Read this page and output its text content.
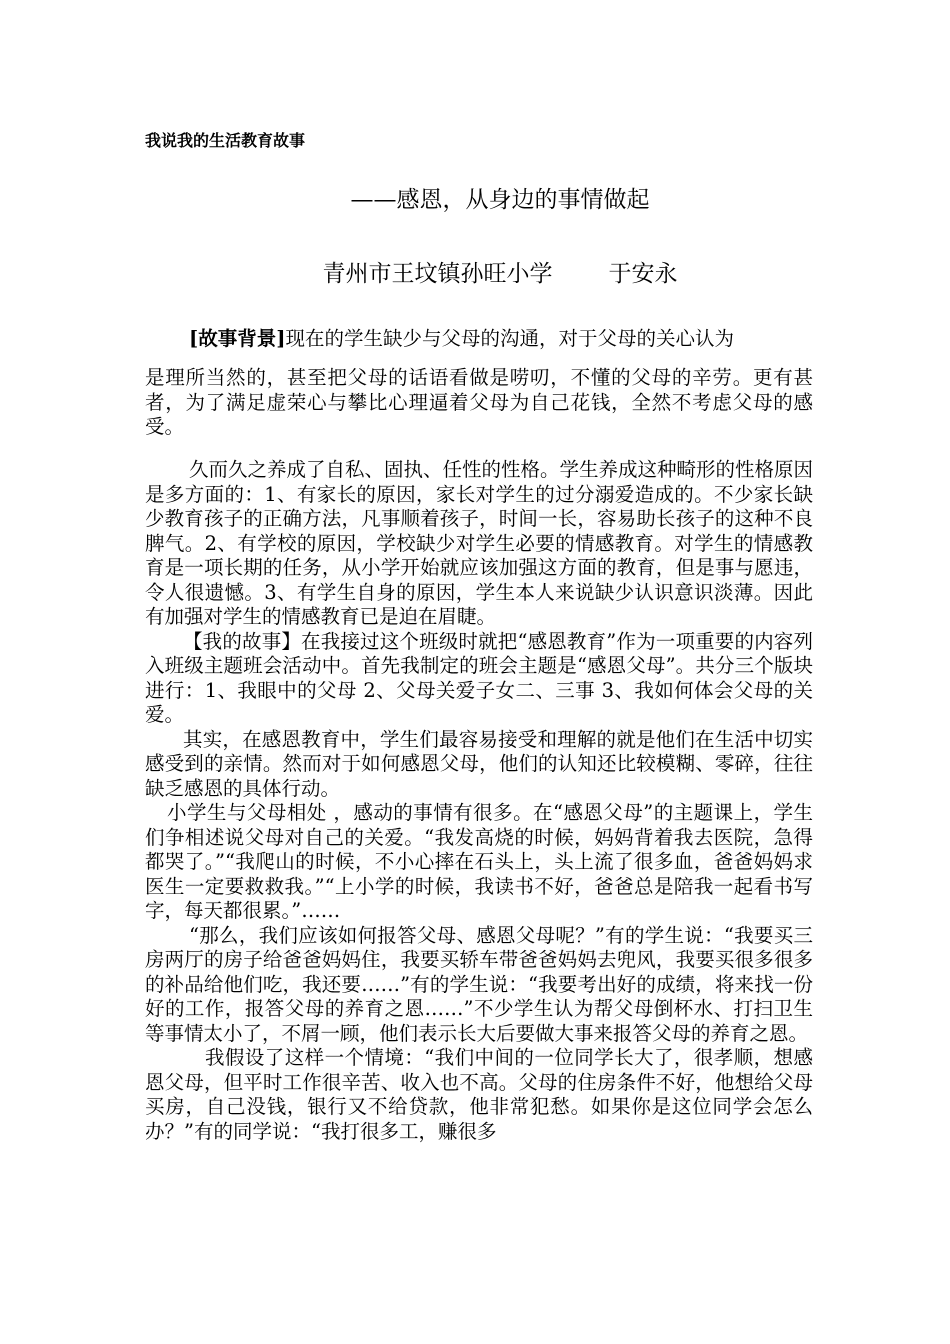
我说我的生活教育故事
——感恩，从身边的事情做起
青州市王坟镇孙旺小学 于安永

[故事背景]现在的学生缺少与父母的沟通，对于父母的关心认为

是理所当然的，甚至把父母的话语看做是唠叨，不懂的父母的辛劳。更有甚者，为了满足虚荣心与攀比心理逼着父母为自己花钱，全然不考虑父母的感受。

久而久之养成了自私、固执、任性的性格。学生养成这种畸形的性格原因是多方面的：1、有家长的原因，家长对学生的过分溺爱造成的。不少家长缺少教育孩子的正确方法，凡事顺着孩子，时间一长，容易助长孩子的这种不良脾气。2、有学校的原因，学校缺少对学生必要的情感教育。对学生的情感教育是一项长期的任务，从小学开始就应该加强这方面的教育，但是事与愿违，令人很遗憾。3、有学生自身的原因，学生本人来说缺少认识意识淡薄。因此有加强对学生的情感教育已是迫在眉睫。

【我的故事】在我接过这个班级时就把“感恩教育”作为一项重要的内容列入班级主题班会活动中。首先我制定的班会主题是“感恩父母”。共分三个版块进行：1、我眼中的父母 2、父母关爱子女二、三事 3、我如何体会父母的关爱。

其实，在感恩教育中，学生们最容易接受和理解的就是他们在生活中切实感受到的亲情。然而对于如何感恩父母，他们的认知还比较模糊、零碎，往往缺乏感恩的具体行动。

小学生与父母相处 ，感动的事情有很多。在“感恩父母”的主题课上，学生们争相述说父母对自己的关爱。“我发高烧的时候，妈妈背着我去医院，急得都哭了。”“我爬山的时候，不小心摔在石头上，头上流了很多血，爸爸妈妈求医生一定要救救我。”“上小学的时候，我读书不好，爸爸总是陪我一起看书写字，每天都很累。”……

“那么，我们应该如何报答父母、感恩父母呢？”有的学生说：“我要买三房两厅的房子给爸爸妈妈住，我要买轿车带爸爸妈妈去兜风，我要买很多很多的补品给他们吃，我还要……”有的学生说：“我要考出好的成绩，将来找一份好的工作，报答父母的养育之恩……”不少学生认为帮父母倒杯水、打扫卫生等事情太小了，不屑一顾，他们表示长大后要做大事来报答父母的养育之恩。

我假设了这样一个情境：“我们中间的一位同学长大了，很孝顺，想感恩父母，但平时工作很辛苦、收入也不高。父母的住房条件不好，他想给父母买房，自己没钱，银行又不给贷款，他非常犯愁。如果你是这位同学会怎么办？”有的同学说：“我打很多工，赚很多
